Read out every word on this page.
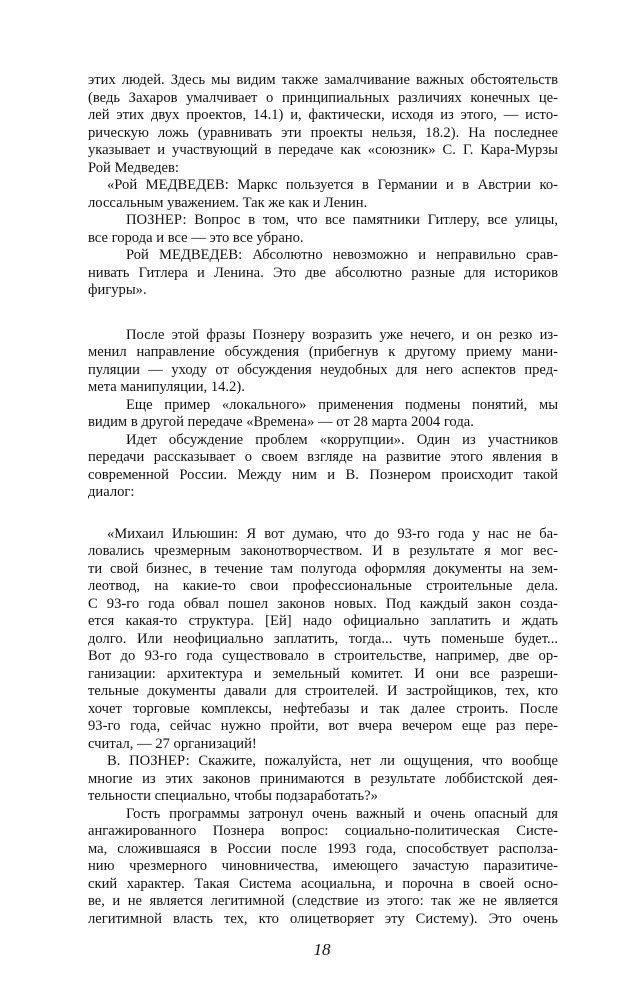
этих людей. Здесь мы видим также замалчивание важных обстоятельств
(ведь Захаров умалчивает о принципиальных различиях конечных це-
лей этих двух проектов, 14.1) и, фактически, исходя из этого, — истo-
рическую ложь (уравнивать эти проекты нельзя, 18.2). На последнее
указывает и участвующий в передаче как «союзник» С. Г. Кара-Мурзы
Рой Медведев:
«Рой МЕДВЕДЕВ: Маркс пользуется в Германии и в Австрии ко-
лоссальным уважением. Так же как и Ленин.
ПОЗНЕР: Вопрос в том, что все памятники Гитлеру, все улицы,
все города и все — это все убрано.
Рой МЕДВЕДЕВ: Абсолютно невозможно и неправильно срав-
нивать Гитлера и Ленина. Это две абсолютно разные для историков
фигуры».
После этой фразы Познеру возразить уже нечего, и он резко из-
менил направление обсуждения (прибегнув к другому приему мани-
пуляции — уходу от обсуждения неудобных для него аспектов пред-
мета манипуляции, 14.2).
Еще пример «локального» применения подмены понятий, мы
видим в другой передаче «Времена» — от 28 марта 2004 года.
Идет обсуждение проблем «коррупции». Один из участников
передачи рассказывает о своем взгляде на развитие этого явления в
современной России. Между ним и В. Познером происходит такой
диалог:
«Михаил Ильюшин: Я вот думаю, что до 93-го года у нас не ба-
ловались чрезмерным законотворчеством. И в результате я мог вес-
ти свой бизнес, в течение там полугода оформляя документы на зем-
леотвод, на какие-то свои профессиональные строительные дела.
С 93-го года обвал пошел законов новых. Под каждый закон созда-
ется какая-то структура. [Ей] надо официально заплатить и ждать
долго. Или неофициально заплатить, тогда... чуть поменьше будет...
Вот до 93-го года существовало в строительстве, например, две ор-
ганизации: архитектура и земельный комитет. И они все разреши-
тельные документы давали для строителей. И застройщиков, тех, кто
хочет торговые комплексы, нефтебазы и так далее строить. После
93-го года, сейчас нужно пройти, вот вчера вечером еще раз пере-
считал, — 27 организаций!
В. ПОЗНЕР: Скажите, пожалуйста, нет ли ощущения, что вообще
многие из этих законов принимаются в результате лоббистской дея-
тельности специально, чтобы подзаработать?»
Гость программы затронул очень важный и очень опасный для
ангажированного Познера вопрос: социально-политическая Систе-
ма, сложившаяся в России после 1993 года, способствует расползa-
нию чрезмерного чиновничества, имеющего зачастую паразитичe-
ский характер. Такая Система асоциальна, и порочна в своей осно-
ве, и не является легитимной (следствие из этого: так же не является
легитимной власть тех, кто олицетворяет эту Систему). Это очень
18
